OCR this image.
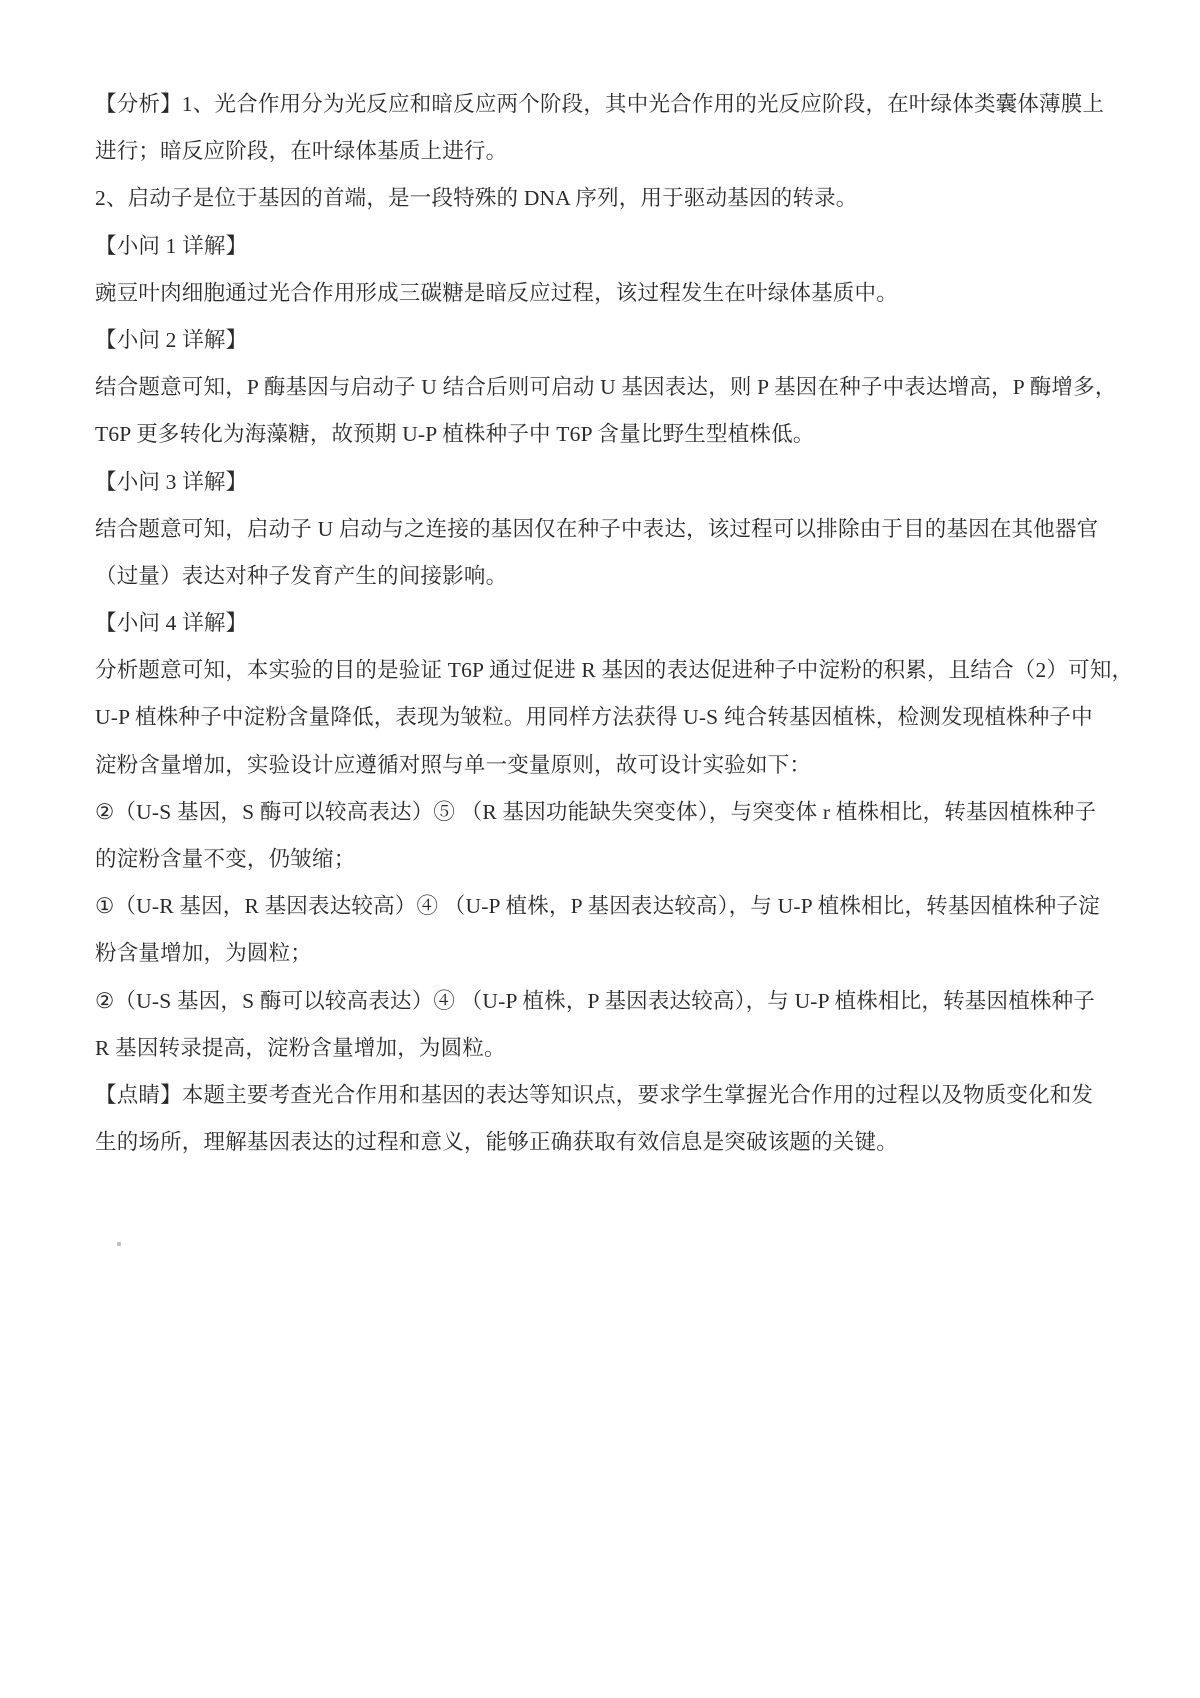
【分析】1、光合作用分为光反应和暗反应两个阶段，其中光合作用的光反应阶段，在叶绿体类囊体薄膜上
进行；暗反应阶段，在叶绿体基质上进行。
2、启动子是位于基因的首端，是一段特殊的 DNA 序列，用于驱动基因的转录。
【小问 1 详解】
豌豆叶肉细胞通过光合作用形成三碳糖是暗反应过程，该过程发生在叶绿体基质中。
【小问 2 详解】
结合题意可知，P 酶基因与启动子 U 结合后则可启动 U 基因表达，则 P 基因在种子中表达增高，P 酶增多，
T6P 更多转化为海藻糖，故预期 U-P 植株种子中 T6P 含量比野生型植株低。
【小问 3 详解】
结合题意可知，启动子 U 启动与之连接的基因仅在种子中表达，该过程可以排除由于目的基因在其他器官
（过量）表达对种子发育产生的间接影响。
【小问 4 详解】
分析题意可知，本实验的目的是验证 T6P 通过促进 R 基因的表达促进种子中淀粉的积累，且结合（2）可知，
U-P 植株种子中淀粉含量降低，表现为皱粒。用同样方法获得 U-S 纯合转基因植株，检测发现植株种子中
淀粉含量增加，实验设计应遵循对照与单一变量原则，故可设计实验如下：
②（U-S 基因，S 酶可以较高表达）⑤ （R 基因功能缺失突变体），与突变体 r 植株相比，转基因植株种子
的淀粉含量不变，仍皱缩；
①（U-R 基因，R 基因表达较高）④ （U-P 植株，P 基因表达较高），与 U-P 植株相比，转基因植株种子淀
粉含量增加，为圆粒；
②（U-S 基因，S 酶可以较高表达）④ （U-P 植株，P 基因表达较高），与 U-P 植株相比，转基因植株种子
R 基因转录提高，淀粉含量增加，为圆粒。
【点睛】本题主要考查光合作用和基因的表达等知识点，要求学生掌握光合作用的过程以及物质变化和发
生的场所，理解基因表达的过程和意义，能够正确获取有效信息是突破该题的关键。
